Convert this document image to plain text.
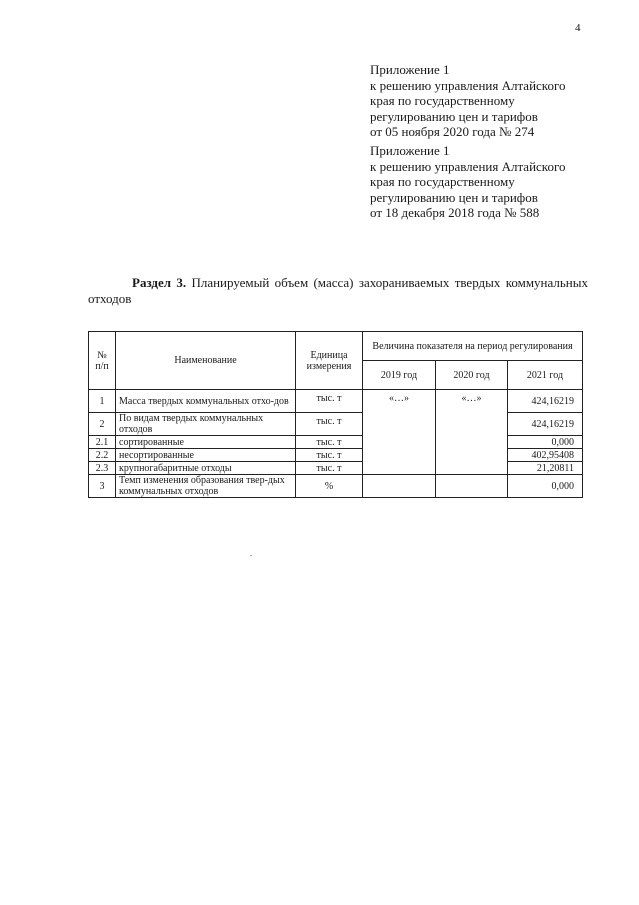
4
Приложение 1
к решению управления Алтайского
края по государственному
регулированию цен и тарифов
от 05 ноября 2020 года № 274
Приложение 1
к решению управления Алтайского
края по государственному
регулированию цен и тарифов
от 18 декабря 2018 года № 588
Раздел 3. Планируемый объем (масса) захораниваемых твердых коммунальных отходов
№ п/п	Наименование	Единица измерения	Величина показателя на период регулирования		
			2019 год	2020 год	2021 год
1	Масса твердых коммунальных отхо-дов	тыс. т	«…»	«…»	424,16219
2	По видам твердых коммунальных отходов	тыс. т			424,16219
2.1	сортированные	тыс. т			0,000
2.2	несортированные	тыс. т			402,95408
2.3	крупногабаритные отходы	тыс. т			21,20811
3	Темп изменения образования твер-дых коммунальных отходов	%			0,000
